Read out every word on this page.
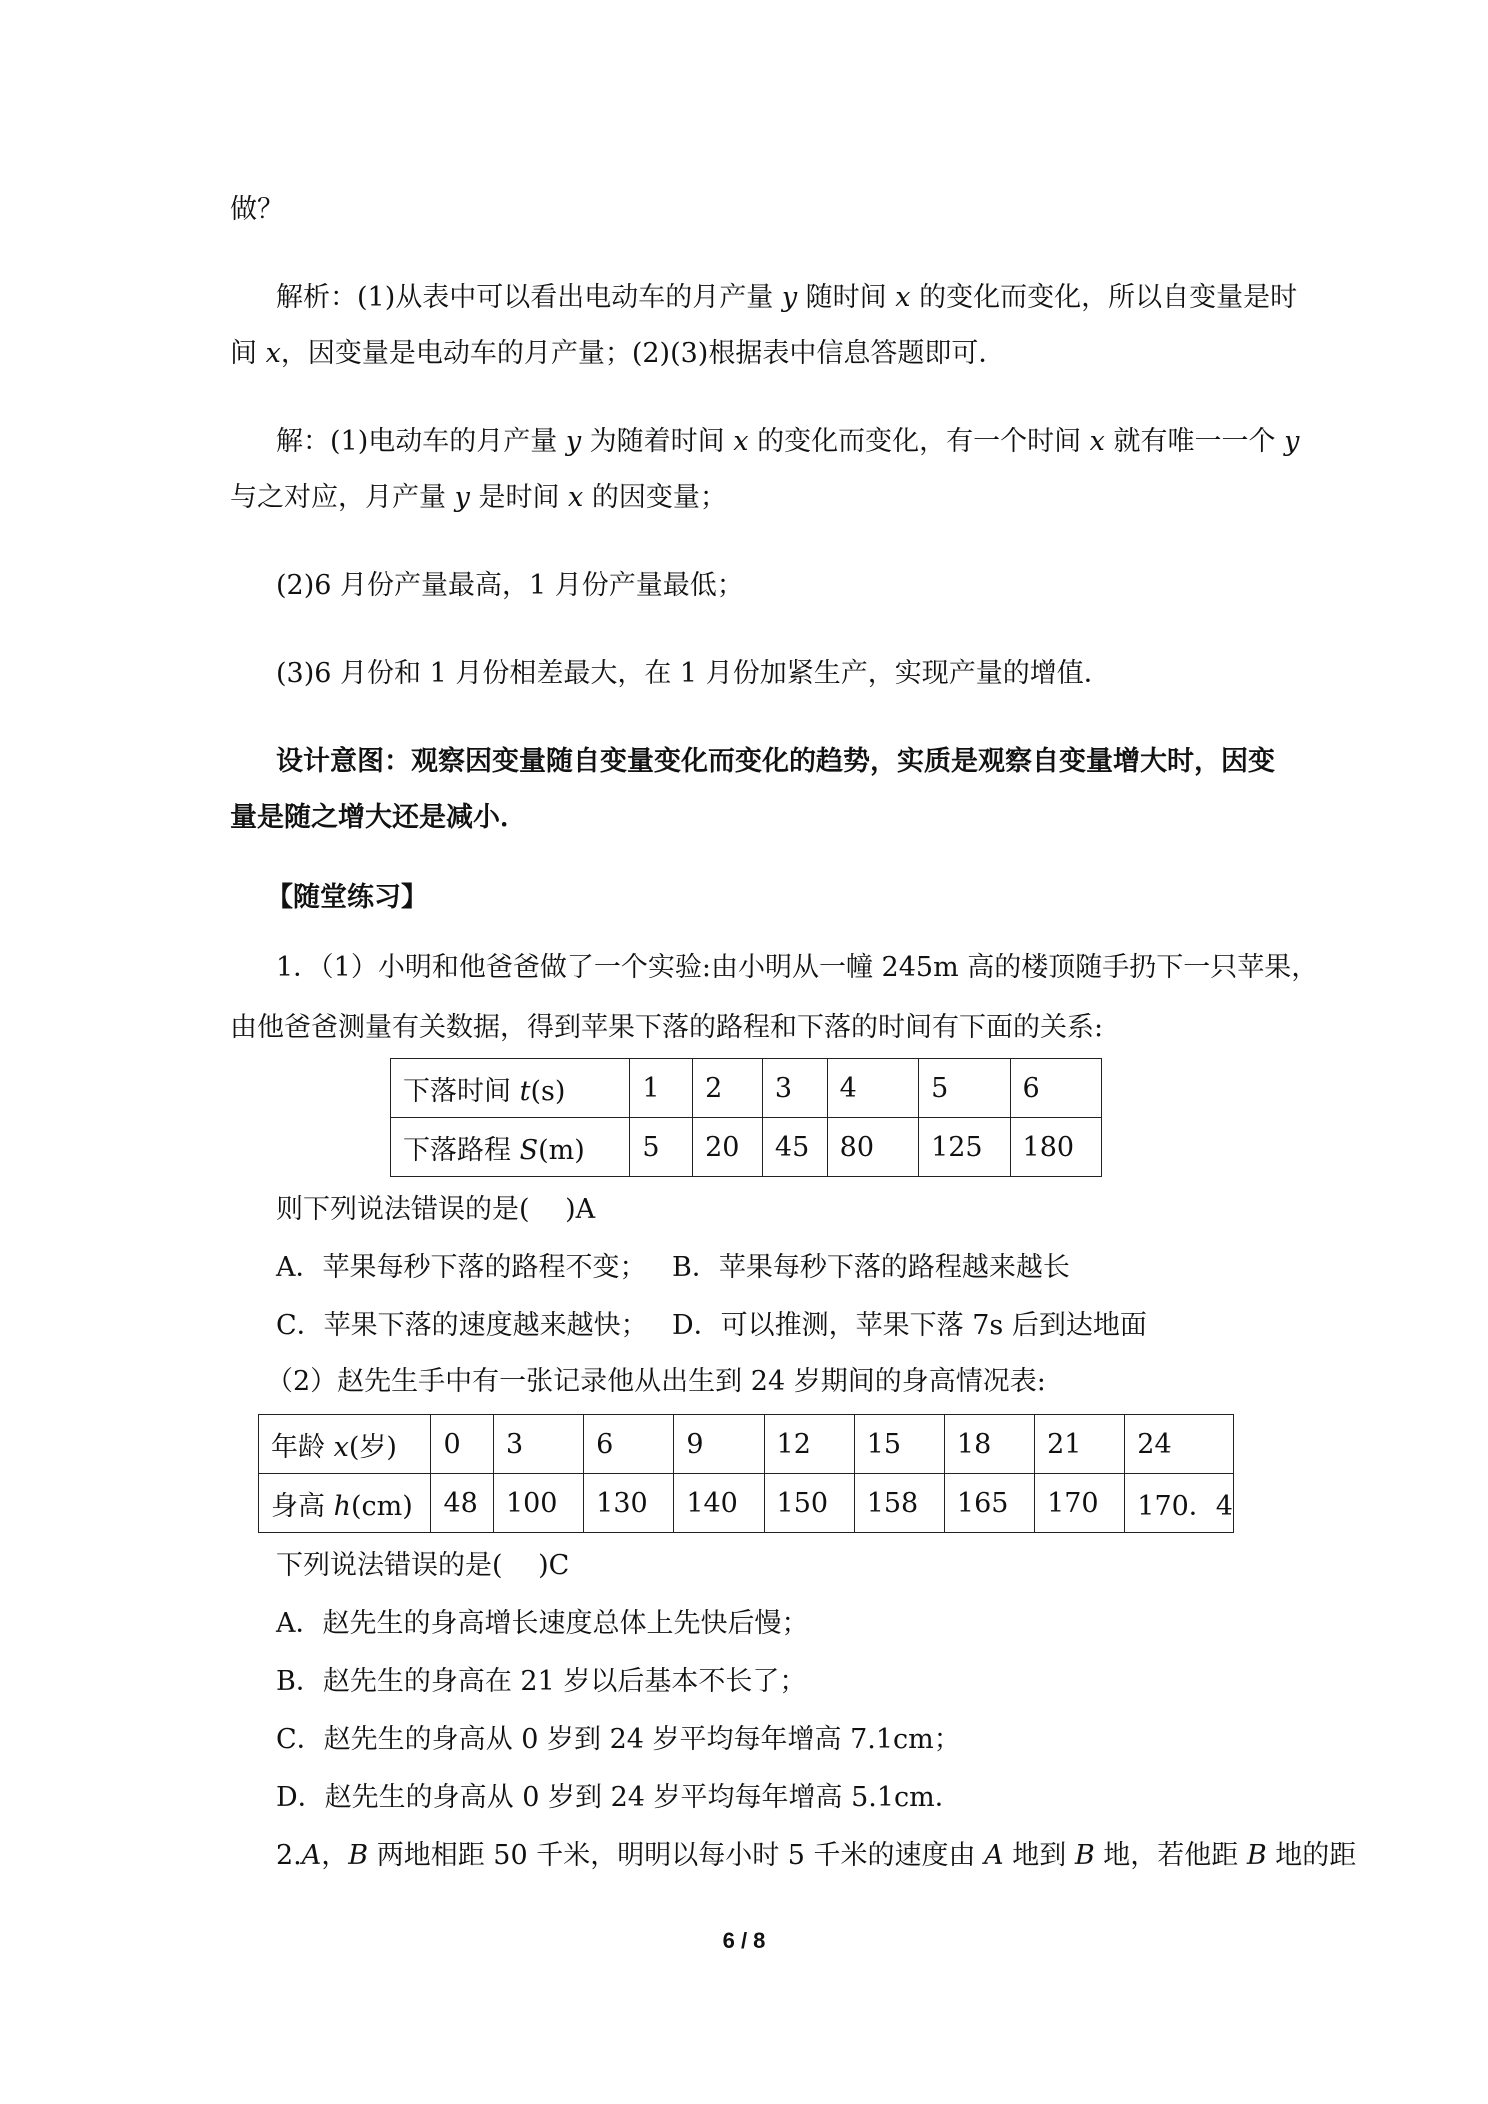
做？
解析：(1)从表中可以看出电动车的月产量 y 随时间 x 的变化而变化，所以自变量是时
间 x，因变量是电动车的月产量；(2)(3)根据表中信息答题即可．
解：(1)电动车的月产量 y 为随着时间 x 的变化而变化，有一个时间 x 就有唯一一个 y
与之对应，月产量 y 是时间 x 的因变量；
(2)6 月份产量最高，1 月份产量最低；
(3)6 月份和 1 月份相差最大，在 1 月份加紧生产，实现产量的增值．
设计意图：观察因变量随自变量变化而变化的趋势，实质是观察自变量增大时，因变
量是随之增大还是减小．
【随堂练习】
1．（1）小明和他爸爸做了一个实验:由小明从一幢 245m 高的楼顶随手扔下一只苹果，
由他爸爸测量有关数据，得到苹果下落的路程和下落的时间有下面的关系:
下落时间 t(s)	1	2	3	4	5	6
下落路程 S(m)	5	20	45	80	125	180
则下列说法错误的是(　 )A
A．苹果每秒下落的路程不变； B．苹果每秒下落的路程越来越长
C．苹果下落的速度越来越快； D．可以推测，苹果下落 7s 后到达地面
（2）赵先生手中有一张记录他从出生到 24 岁期间的身高情况表:
年龄 x(岁)	0	3	6	9	12	15	18	21	24
身高 h(cm)	48	100	130	140	150	158	165	170	170．4
下列说法错误的是(　 )C
A．赵先生的身高增长速度总体上先快后慢；
B．赵先生的身高在 21 岁以后基本不长了；
C．赵先生的身高从 0 岁到 24 岁平均每年增高 7.1cm；
D．赵先生的身高从 0 岁到 24 岁平均每年增高 5.1cm．
2.A，B 两地相距 50 千米，明明以每小时 5 千米的速度由 A 地到 B 地，若他距 B 地的距
6 / 8
